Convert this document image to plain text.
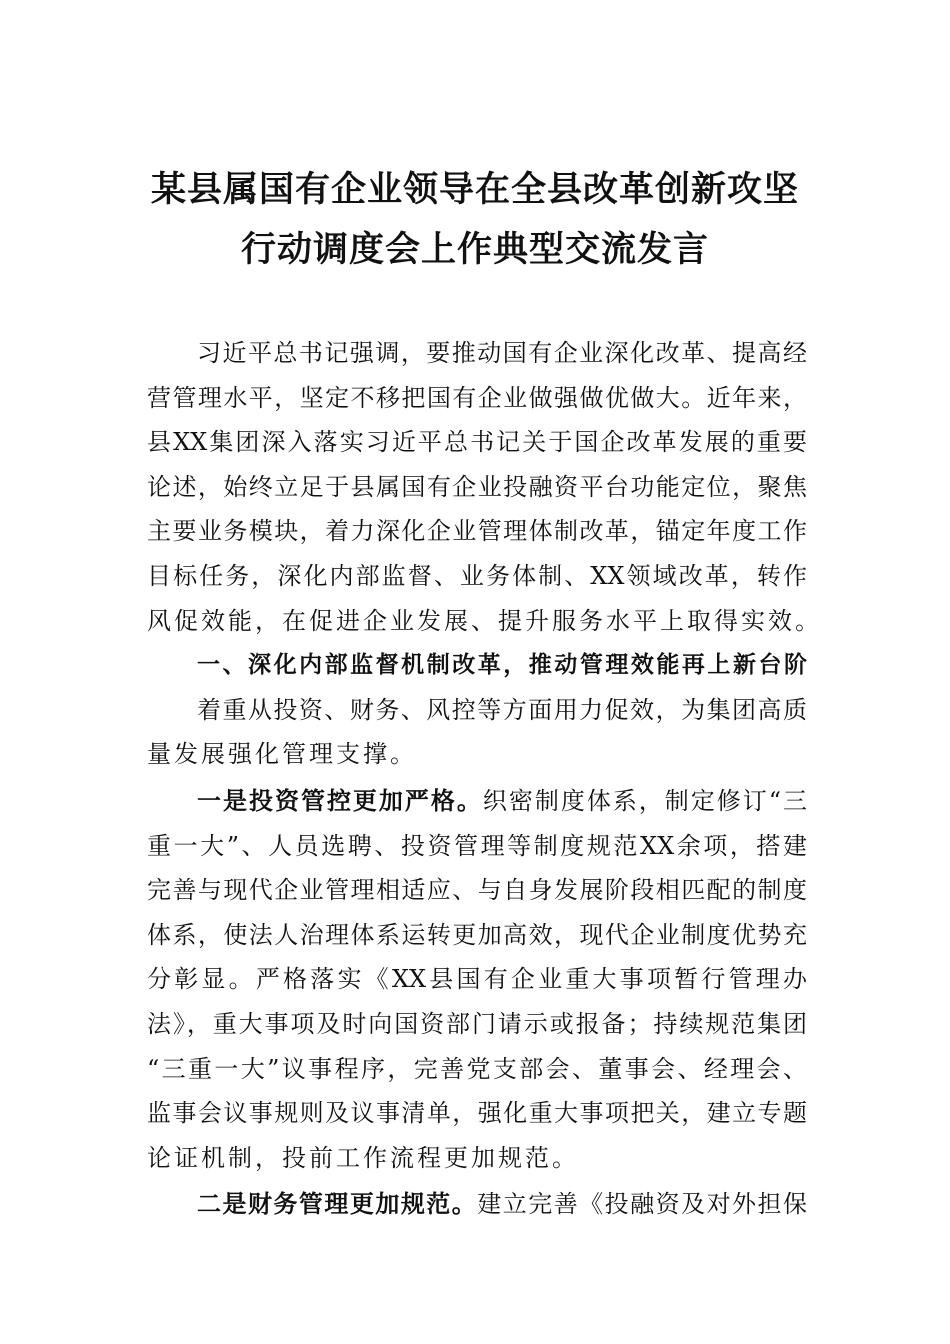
某县属国有企业领导在全县改革创新攻坚
行动调度会上作典型交流发言
习近平总书记强调，要推动国有企业深化改革、提高经
营管理水平，坚定不移把国有企业做强做优做大。近年来，
县XX集团深入落实习近平总书记关于国企改革发展的重要
论述，始终立足于县属国有企业投融资平台功能定位，聚焦
主要业务模块，着力深化企业管理体制改革，锚定年度工作
目标任务，深化内部监督、业务体制、XX领域改革，转作
风促效能，在促进企业发展、提升服务水平上取得实效。
一、深化内部监督机制改革，推动管理效能再上新台阶
着重从投资、财务、风控等方面用力促效，为集团高质
量发展强化管理支撑。
一是投资管控更加严格。织密制度体系，制定修订“三
重一大”、人员选聘、投资管理等制度规范XX余项，搭建
完善与现代企业管理相适应、与自身发展阶段相匹配的制度
体系，使法人治理体系运转更加高效，现代企业制度优势充
分彰显。严格落实《XX县国有企业重大事项暂行管理办
法》，重大事项及时向国资部门请示或报备；持续规范集团
“三重一大”议事程序，完善党支部会、董事会、经理会、
监事会议事规则及议事清单，强化重大事项把关，建立专题
论证机制，投前工作流程更加规范。
二是财务管理更加规范。建立完善《投融资及对外担保
